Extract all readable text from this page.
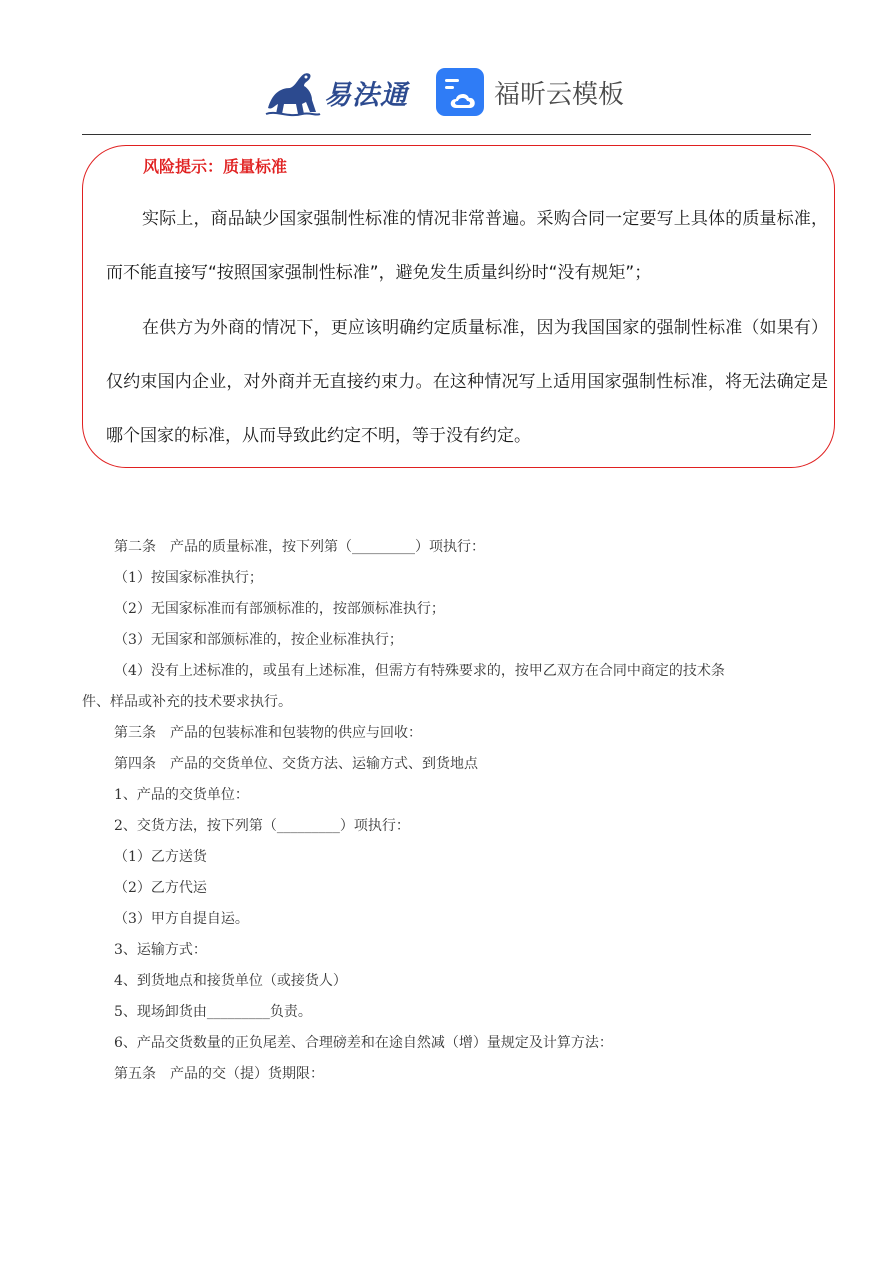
易法通	福昕云模板
风险提示：质量标准

实际上，商品缺少国家强制性标准的情况非常普遍。采购合同一定要写上具体的质量标准，而不能直接写“按照国家强制性标准”，避免发生质量纠纷时“没有规矩”；

在供方为外商的情况下，更应该明确约定质量标准，因为我国国家的强制性标准（如果有）仅约束国内企业，对外商并无直接约束力。在这种情况写上适用国家强制性标准，将无法确定是哪个国家的标准，从而导致此约定不明，等于没有约定。

第二条　产品的质量标准，按下列第（_________）项执行：
（1）按国家标准执行；
（2）无国家标准而有部颁标准的，按部颁标准执行；
（3）无国家和部颁标准的，按企业标准执行；
（4）没有上述标准的，或虽有上述标准，但需方有特殊要求的，按甲乙双方在合同中商定的技术条
件、样品或补充的技术要求执行。
第三条　产品的包装标准和包装物的供应与回收：
第四条　产品的交货单位、交货方法、运输方式、到货地点
1、产品的交货单位：
2、交货方法，按下列第（_________）项执行：
（1）乙方送货
（2）乙方代运
（3）甲方自提自运。
3、运输方式：
4、到货地点和接货单位（或接货人）
5、现场卸货由_________负责。
6、产品交货数量的正负尾差、合理磅差和在途自然减（增）量规定及计算方法：
第五条　产品的交（提）货期限：
